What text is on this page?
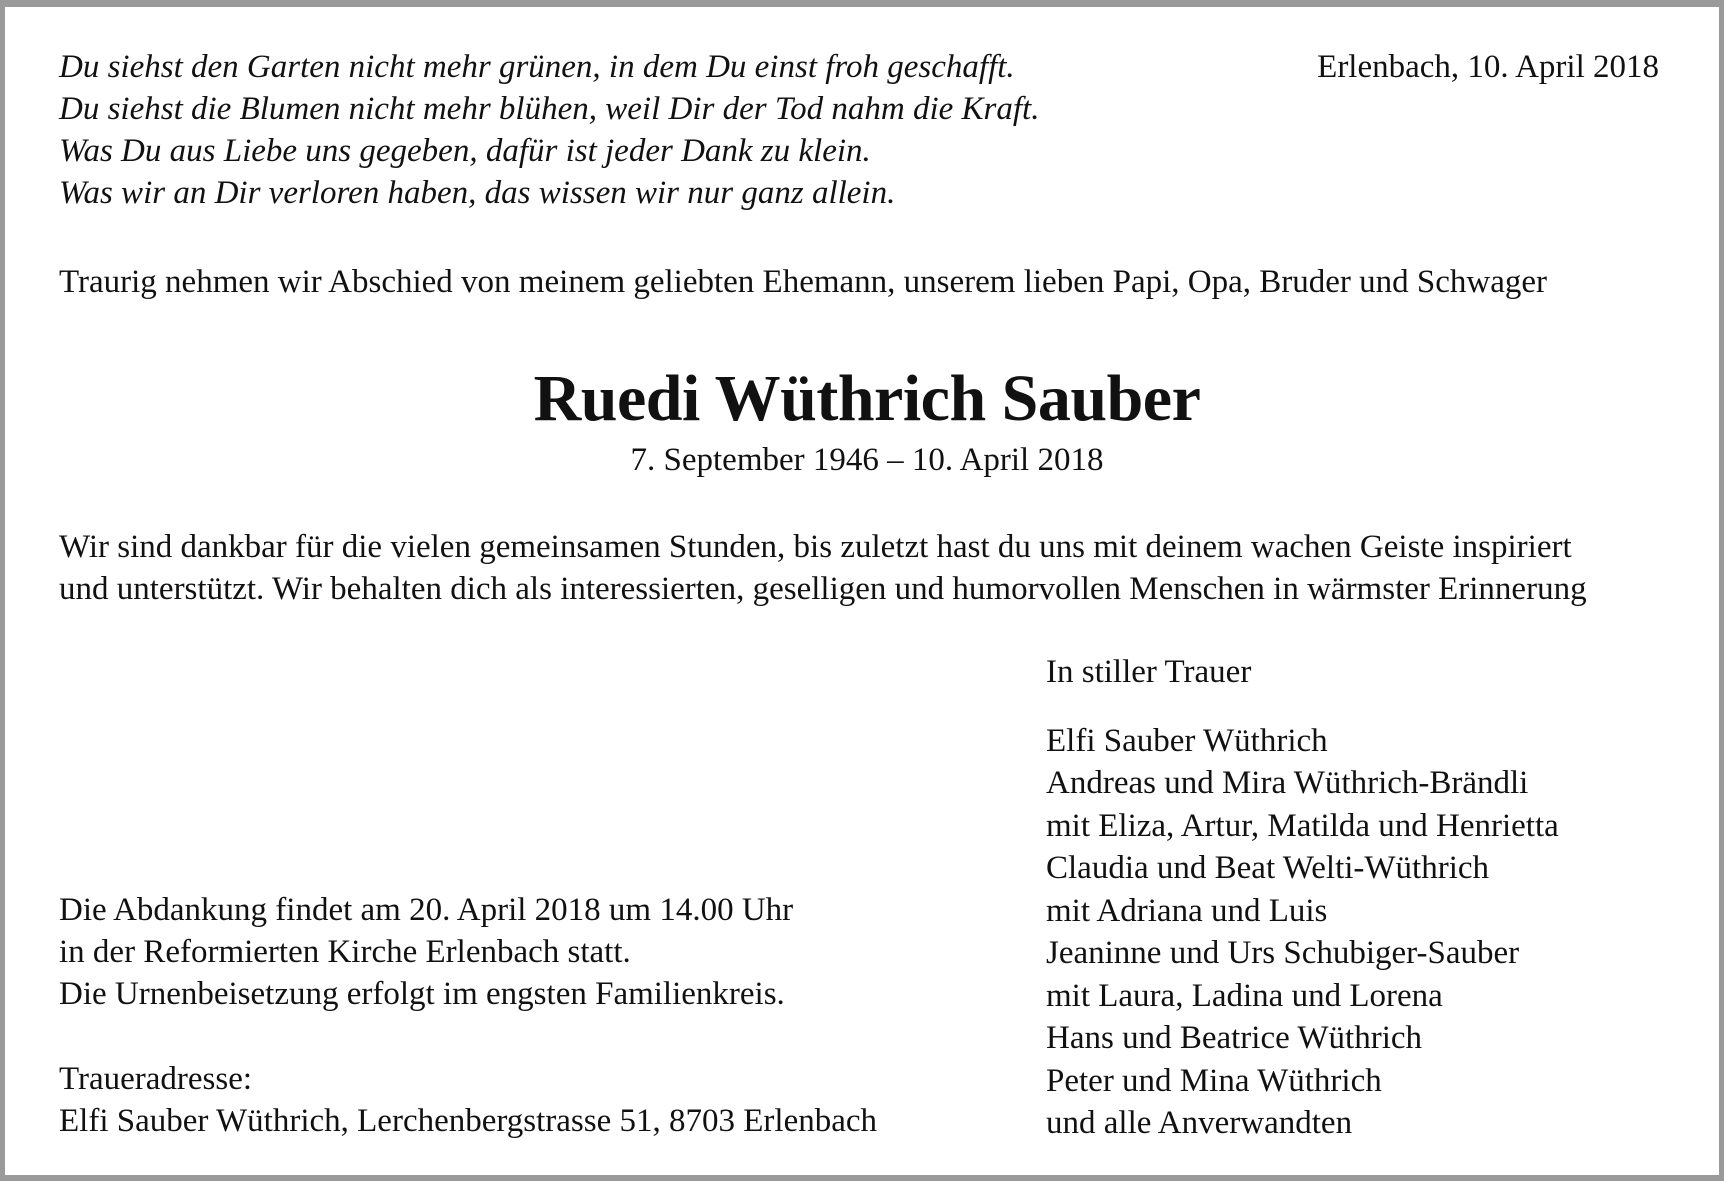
Du siehst den Garten nicht mehr grünen, in dem Du einst froh geschafft.
Du siehst die Blumen nicht mehr blühen, weil Dir der Tod nahm die Kraft.
Was Du aus Liebe uns gegeben, dafür ist jeder Dank zu klein.
Was wir an Dir verloren haben, das wissen wir nur ganz allein.
Erlenbach, 10. April 2018
Traurig nehmen wir Abschied von meinem geliebten Ehemann, unserem lieben Papi, Opa, Bruder und Schwager
Ruedi Wüthrich Sauber
7. September 1946 – 10. April 2018
Wir sind dankbar für die vielen gemeinsamen Stunden, bis zuletzt hast du uns mit deinem wachen Geiste inspiriert
und unterstützt. Wir behalten dich als interessierten, geselligen und humorvollen Menschen in wärmster Erinnerung
In stiller Trauer
Elfi Sauber Wüthrich
Andreas und Mira Wüthrich-Brändli
mit Eliza, Artur, Matilda und Henrietta
Claudia und Beat Welti-Wüthrich
mit Adriana und Luis
Jeaninne und Urs Schubiger-Sauber
mit Laura, Ladina und Lorena
Hans und Beatrice Wüthrich
Peter und Mina Wüthrich
und alle Anverwandten
Die Abdankung findet am 20. April 2018 um 14.00 Uhr
in der Reformierten Kirche Erlenbach statt.
Die Urnenbeisetzung erfolgt im engsten Familienkreis.
Traueradresse:
Elfi Sauber Wüthrich, Lerchenbergstrasse 51, 8703 Erlenbach
